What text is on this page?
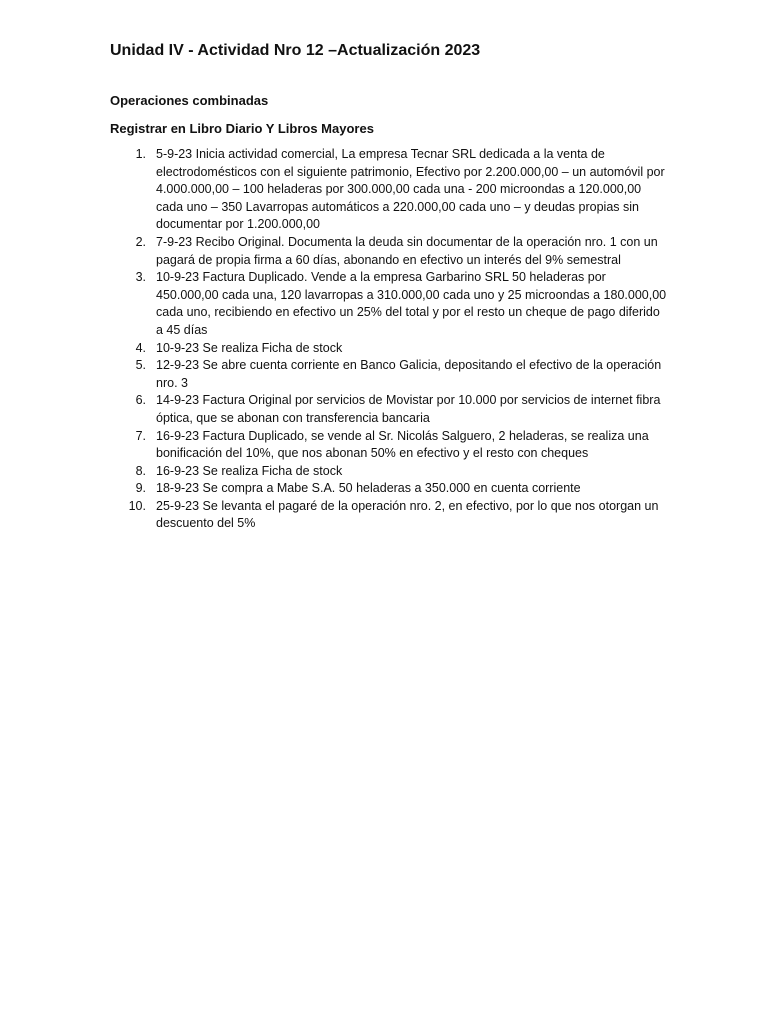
Unidad IV - Actividad Nro 12 –Actualización 2023
Operaciones combinadas
Registrar en Libro Diario Y Libros Mayores
1. 5-9-23 Inicia actividad comercial, La empresa Tecnar SRL dedicada a la venta de electrodomésticos con el siguiente patrimonio, Efectivo por 2.200.000,00 – un automóvil por 4.000.000,00 – 100 heladeras por 300.000,00 cada una - 200 microondas a 120.000,00 cada uno – 350 Lavarropas automáticos a 220.000,00 cada uno – y deudas propias sin documentar por 1.200.000,00
2. 7-9-23 Recibo Original. Documenta la deuda sin documentar de la operación nro. 1 con un pagará de propia firma a 60 días, abonando en efectivo un interés del 9% semestral
3. 10-9-23 Factura Duplicado. Vende a la empresa Garbarino SRL 50 heladeras por 450.000,00 cada una, 120 lavarropas a 310.000,00 cada uno y 25 microondas a 180.000,00 cada uno, recibiendo en efectivo un 25% del total y por el resto un cheque de pago diferido a 45 días
4. 10-9-23 Se realiza Ficha de stock
5. 12-9-23 Se abre cuenta corriente en Banco Galicia, depositando el efectivo de la operación nro. 3
6. 14-9-23 Factura Original por servicios de Movistar por 10.000 por servicios de internet fibra óptica, que se abonan con transferencia bancaria
7. 16-9-23 Factura Duplicado, se vende al Sr. Nicolás Salguero, 2 heladeras, se realiza una bonificación del 10%, que nos abonan 50% en efectivo y el resto con cheques
8. 16-9-23 Se realiza Ficha de stock
9. 18-9-23 Se compra a Mabe S.A. 50 heladeras a 350.000 en cuenta corriente
10. 25-9-23 Se levanta el pagaré de la operación nro. 2, en efectivo, por lo que nos otorgan un descuento del 5%
